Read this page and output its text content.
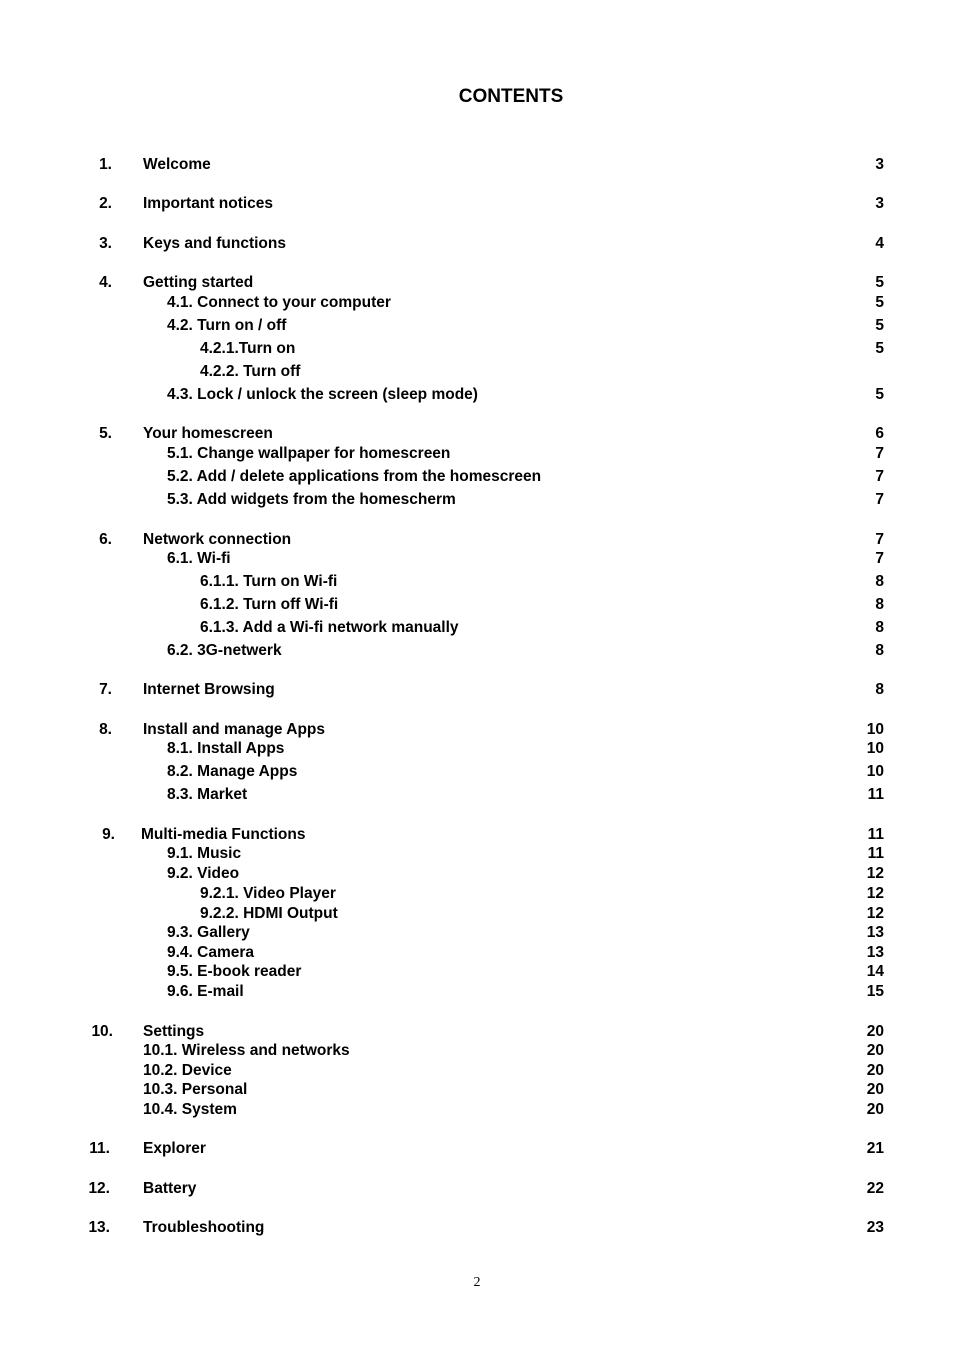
CONTENTS
1. Welcome	3
2. Important notices	3
3. Keys and functions	4
4. Getting started	5
4.1. Connect to your computer	5
4.2. Turn on / off	5
4.2.1.Turn on	5
4.2.2. Turn off
4.3. Lock / unlock the screen (sleep mode)	5
5. Your homescreen	6
5.1. Change wallpaper for homescreen	7
5.2. Add / delete applications from the homescreen	7
5.3. Add widgets from the homescherm	7
6. Network connection	7
6.1. Wi-fi	7
6.1.1. Turn on Wi-fi	8
6.1.2. Turn off Wi-fi	8
6.1.3. Add a Wi-fi network manually	8
6.2. 3G-netwerk	8
7. Internet Browsing	8
8. Install and manage Apps	10
8.1. Install Apps	10
8.2. Manage Apps	10
8.3. Market	11
9. Multi-media Functions	11
9.1. Music	11
9.2. Video	12
9.2.1. Video Player	12
9.2.2. HDMI Output	12
9.3. Gallery	13
9.4. Camera	13
9.5. E-book reader	14
9.6. E-mail	15
10. Settings	20
10.1. Wireless and networks	20
10.2. Device	20
10.3. Personal	20
10.4. System	20
11. Explorer	21
12. Battery	22
13. Troubleshooting	23
2
